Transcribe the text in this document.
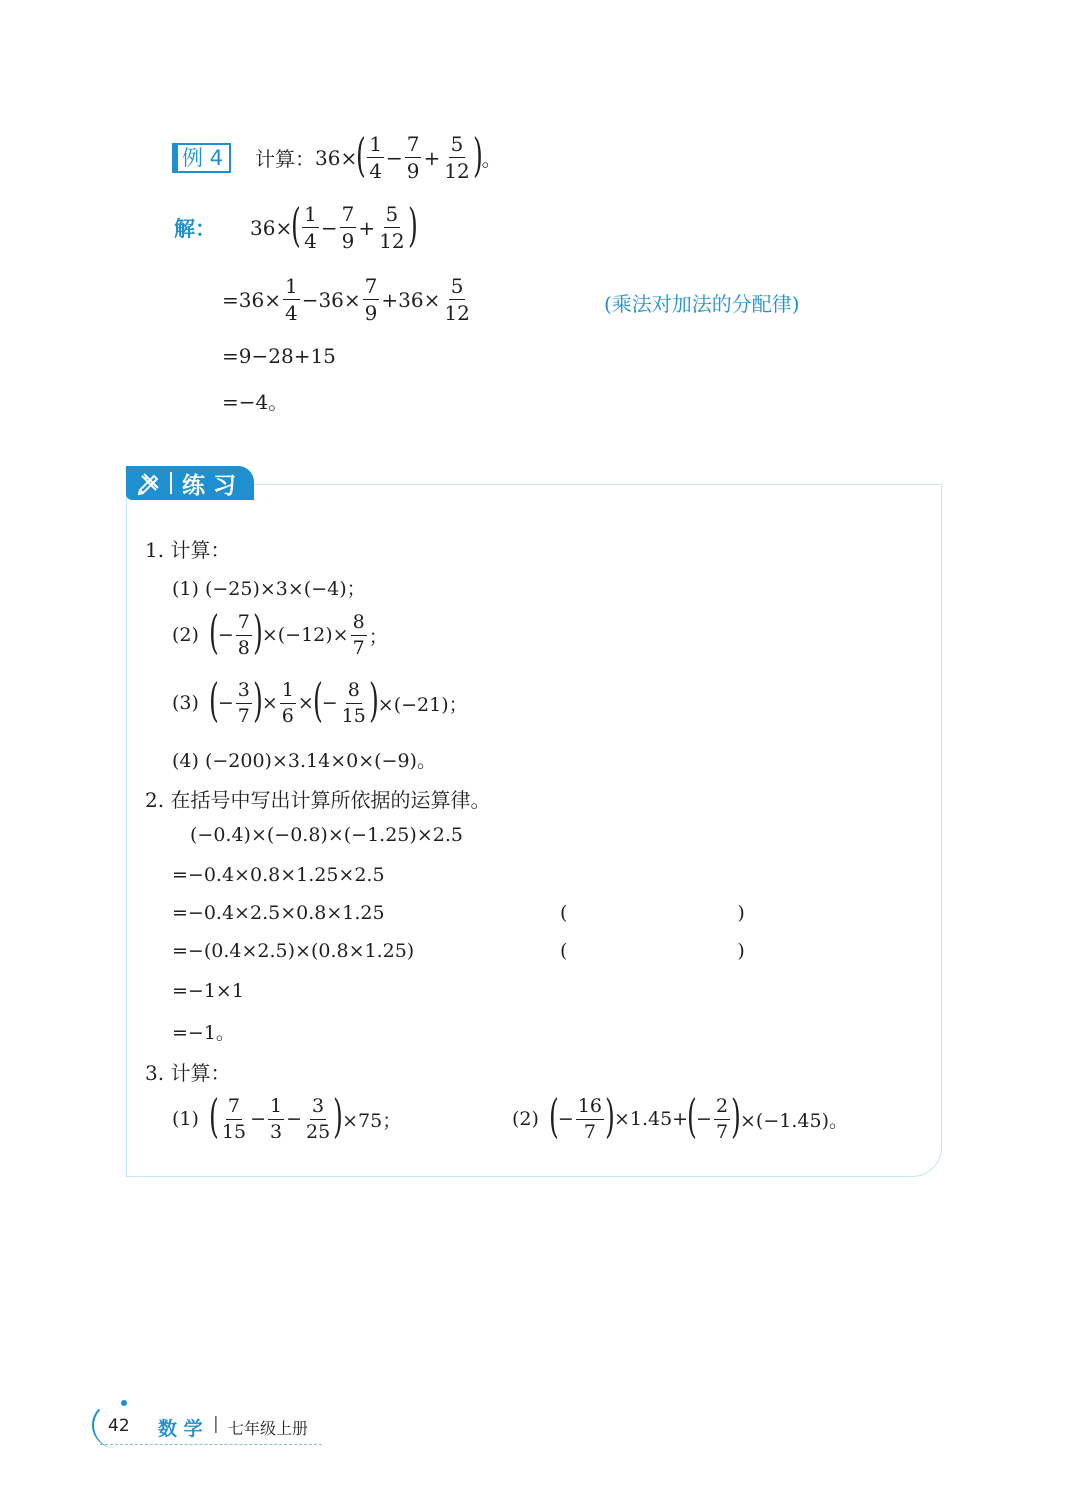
例 4	计算： 36× ( $\frac{1}{4} - \frac{7}{9} + \frac{5}{12}$ ) 。
解： 36× ( $\frac{1}{4} - \frac{7}{9} + \frac{5}{12}$ )
$=36\times \frac{1}{4} -36\times \frac{7}{9} +36\times \frac{5}{12}$	(乘法对加法的分配律)
=9−28+15
=−4。
练习
1. 计算：
(1) (−25)×3×(−4)；
(2) ( − $\frac{7}{8}$ ) $\times(-12)\times \frac{8}{7}$ ；
(3) ( − $\frac{3}{7}$ ) × $\frac{1}{6}$ × ( − $\frac{8}{15}$ ) ×(−21)；
(4) (−200)×3.14×0×(−9)。
2. 在括号中写出计算所依据的运算律。
(−0.4)×(−0.8)×(−1.25)×2.5
=−0.4×0.8×1.25×2.5
=−0.4×2.5×0.8×1.25	(	)
=−(0.4×2.5)×(0.8×1.25)	(	)
=−1×1
=−1。
3. 计算：
(1) ( $\frac{7}{15} - \frac{1}{3} - \frac{3}{25}$ ) ×75；	(2) ( − $\frac{16}{7}$ ) ×1.45+ ( − $\frac{2}{7}$ ) ×(−1.45)。
42 数 学 | 七年级上册
